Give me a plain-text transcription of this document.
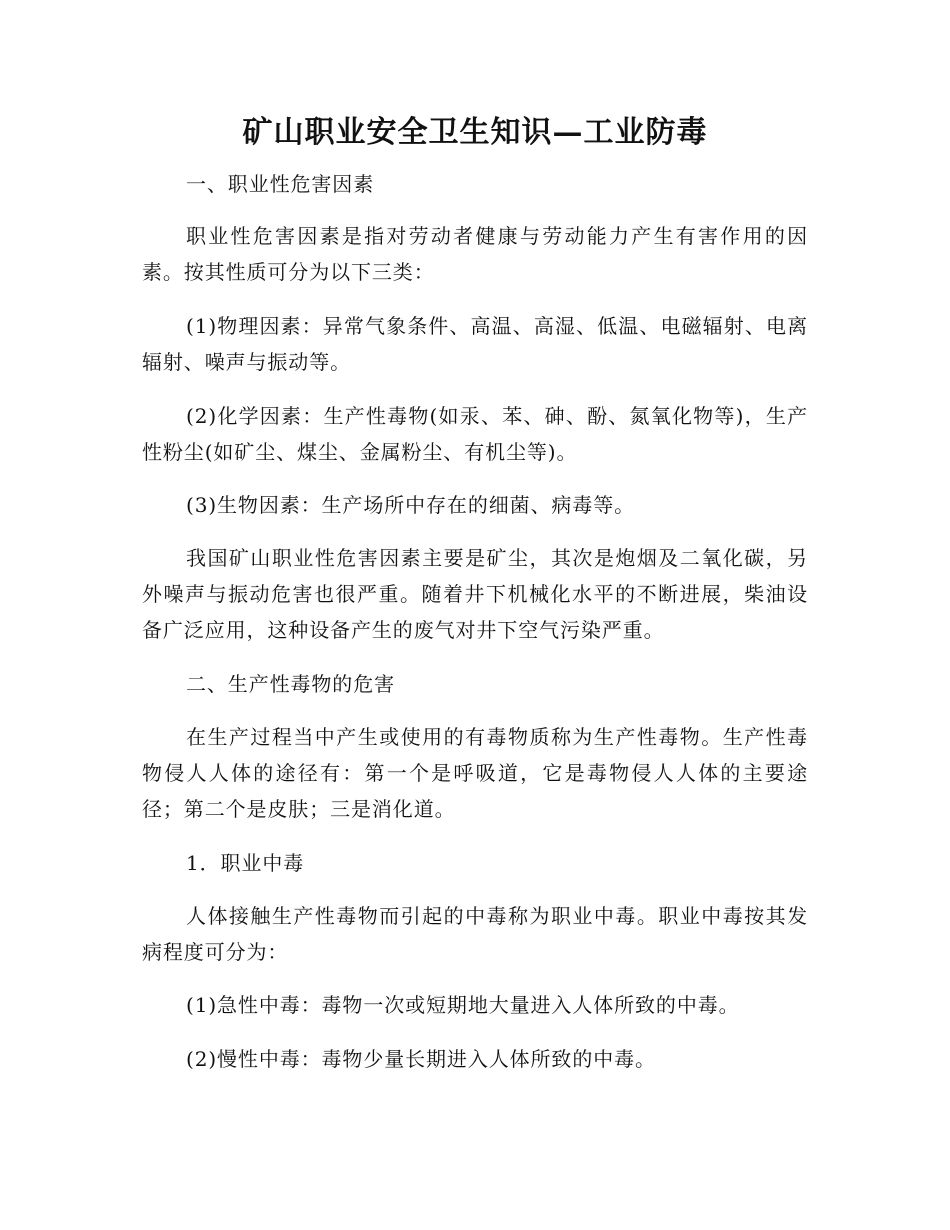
矿山职业安全卫生知识—工业防毒

一、职业性危害因素

职业性危害因素是指对劳动者健康与劳动能力产生有害作用的因素。按其性质可分为以下三类：

(1)物理因素：异常气象条件、高温、高湿、低温、电磁辐射、电离辐射、噪声与振动等。

(2)化学因素：生产性毒物(如汞、苯、砷、酚、氮氧化物等)，生产性粉尘(如矿尘、煤尘、金属粉尘、有机尘等)。

(3)生物因素：生产场所中存在的细菌、病毒等。

我国矿山职业性危害因素主要是矿尘，其次是炮烟及二氧化碳，另外噪声与振动危害也很严重。随着井下机械化水平的不断进展，柴油设备广泛应用，这种设备产生的废气对井下空气污染严重。

二、生产性毒物的危害

在生产过程当中产生或使用的有毒物质称为生产性毒物。生产性毒物侵人人体的途径有：第一个是呼吸道，它是毒物侵人人体的主要途径；第二个是皮肤；三是消化道。

1．职业中毒

人体接触生产性毒物而引起的中毒称为职业中毒。职业中毒按其发病程度可分为：

(1)急性中毒：毒物一次或短期地大量进入人体所致的中毒。

(2)慢性中毒：毒物少量长期进入人体所致的中毒。
